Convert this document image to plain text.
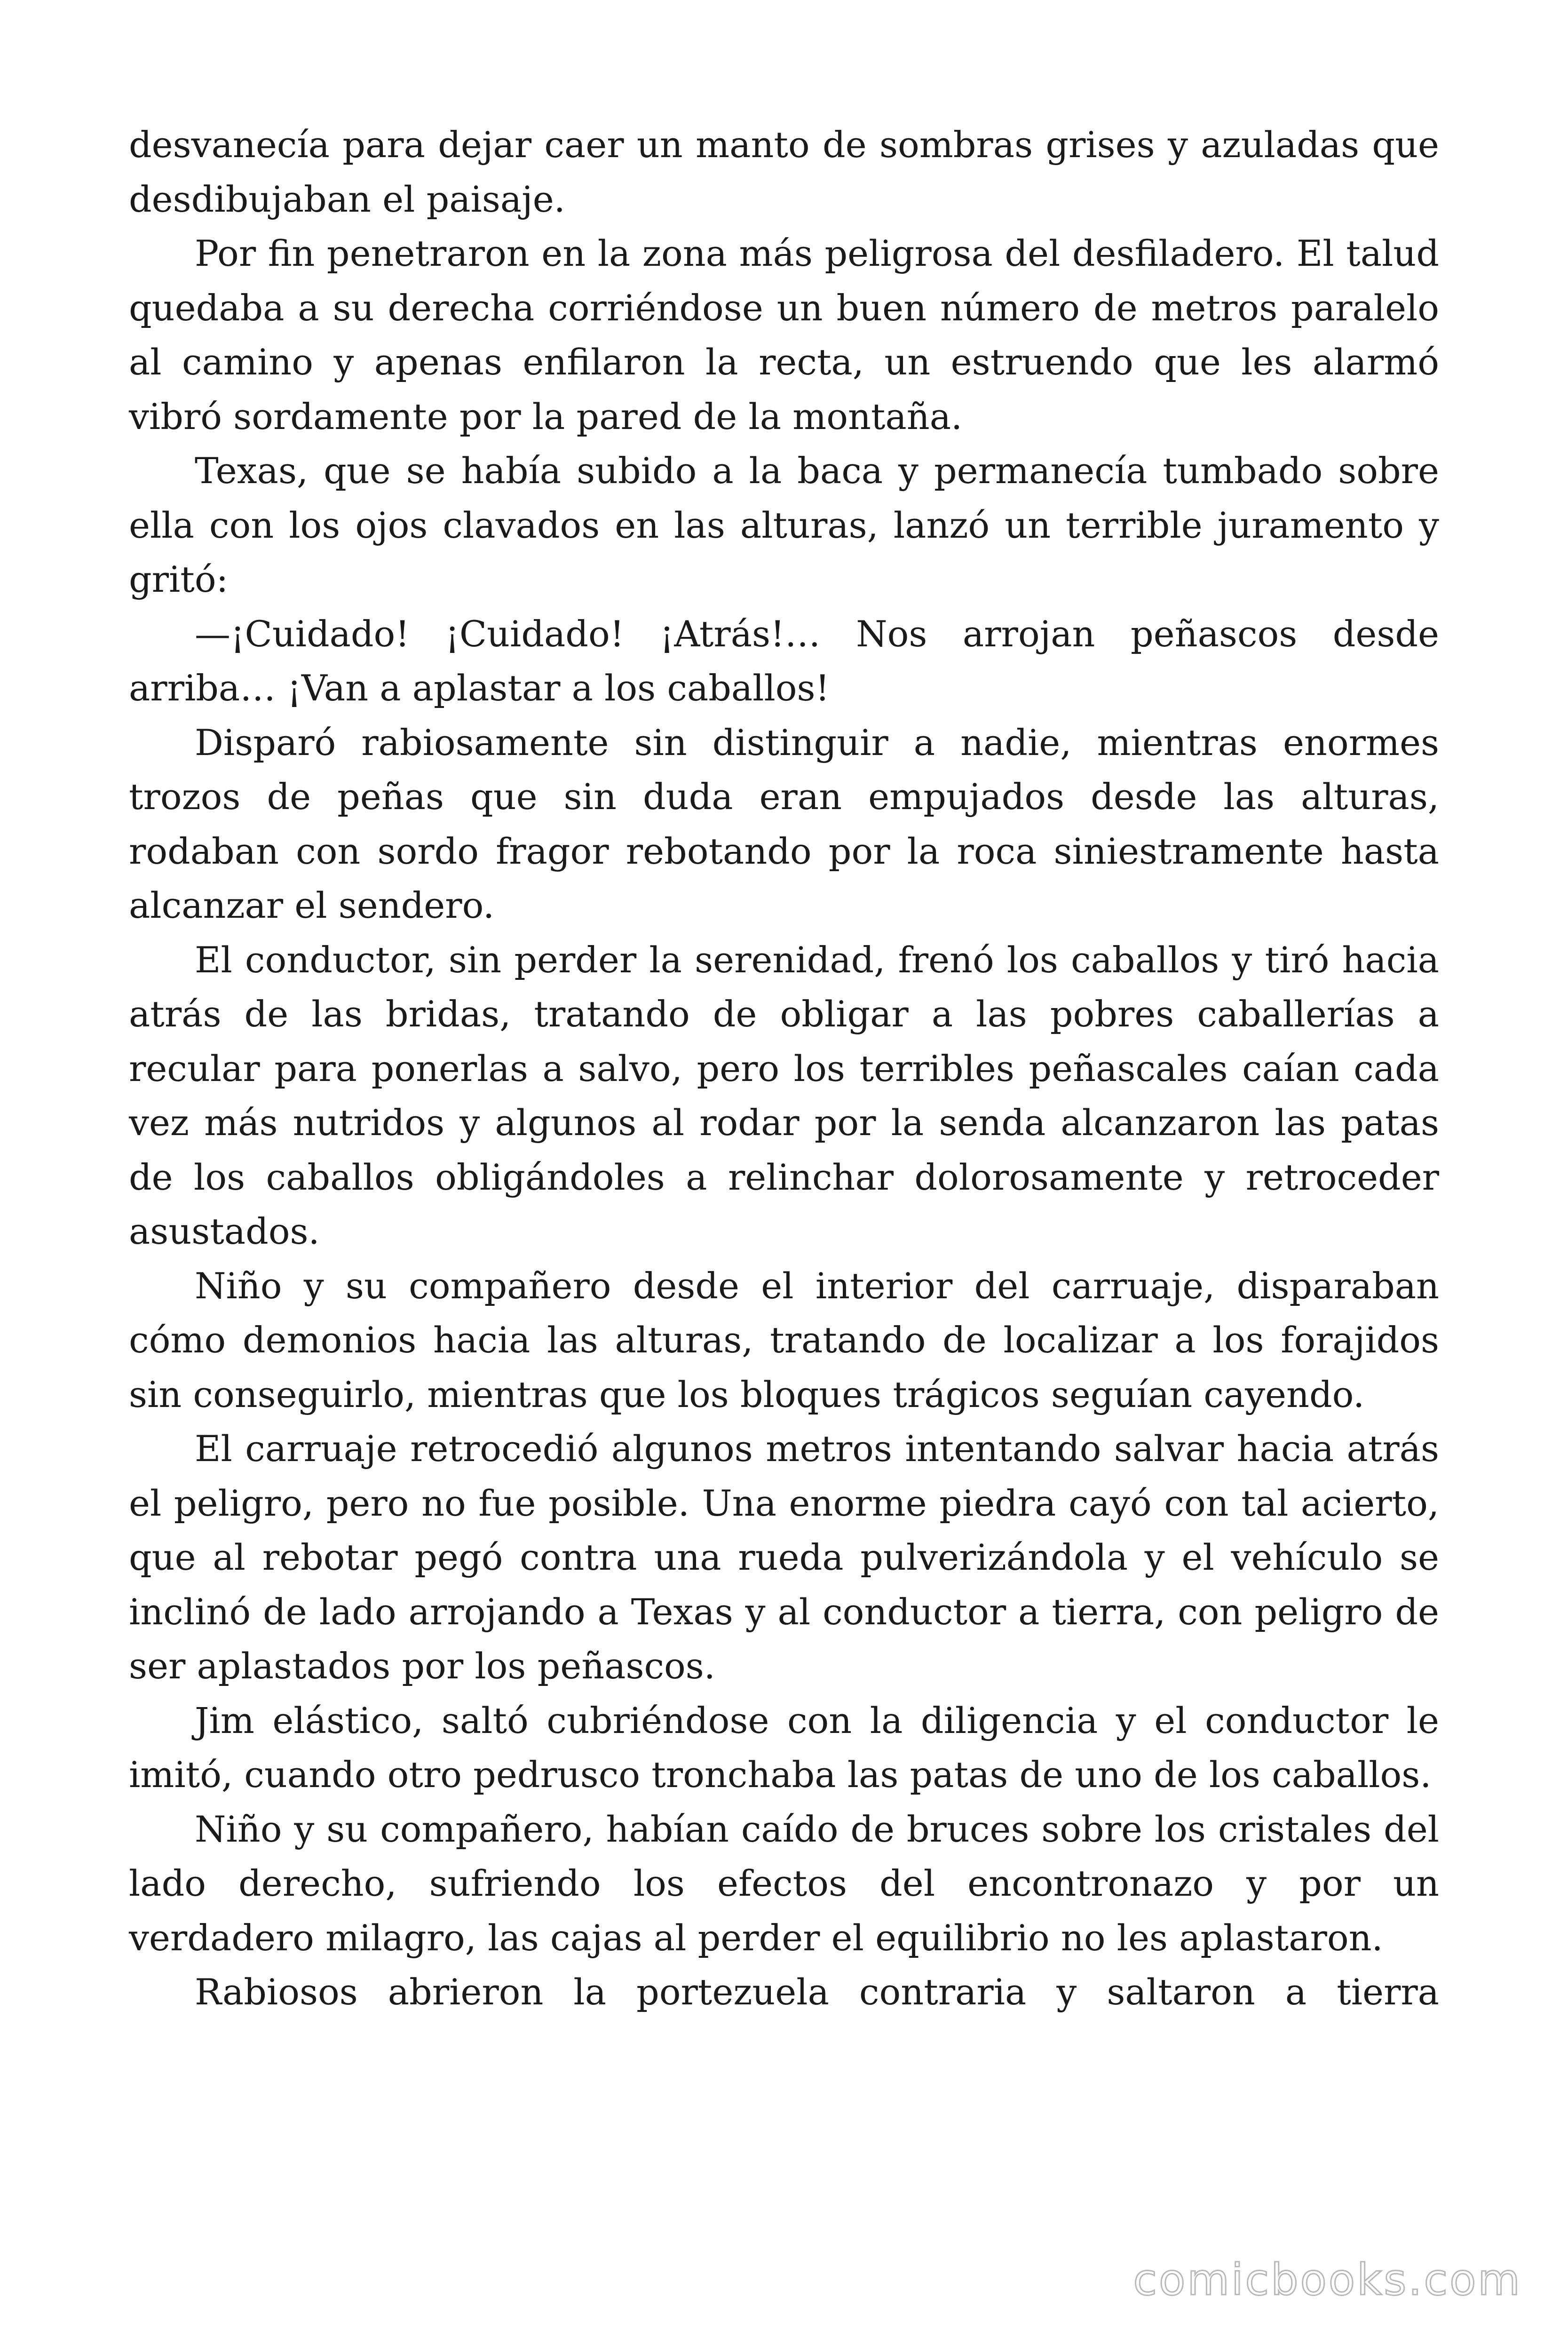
desvanecía para dejar caer un manto de sombras grises y azuladas que desdibujaban el paisaje.

Por fin penetraron en la zona más peligrosa del desfiladero. El talud quedaba a su derecha corriéndose un buen número de metros paralelo al camino y apenas enfilaron la recta, un estruendo que les alarmó vibró sordamente por la pared de la montaña.

Texas, que se había subido a la baca y permanecía tumbado sobre ella con los ojos clavados en las alturas, lanzó un terrible juramento y gritó:

—¡Cuidado! ¡Cuidado! ¡Atrás!… Nos arrojan peñascos desde arriba… ¡Van a aplastar a los caballos!

Disparó rabiosamente sin distinguir a nadie, mientras enormes trozos de peñas que sin duda eran empujados desde las alturas, rodaban con sordo fragor rebotando por la roca siniestramente hasta alcanzar el sendero.

El conductor, sin perder la serenidad, frenó los caballos y tiró hacia atrás de las bridas, tratando de obligar a las pobres caballerías a recular para ponerlas a salvo, pero los terribles peñascales caían cada vez más nutridos y algunos al rodar por la senda alcanzaron las patas de los caballos obligándoles a relinchar dolorosamente y retroceder asustados.

Niño y su compañero desde el interior del carruaje, disparaban cómo demonios hacia las alturas, tratando de localizar a los forajidos sin conseguirlo, mientras que los bloques trágicos seguían cayendo.

El carruaje retrocedió algunos metros intentando salvar hacia atrás el peligro, pero no fue posible. Una enorme piedra cayó con tal acierto, que al rebotar pegó contra una rueda pulverizándola y el vehículo se inclinó de lado arrojando a Texas y al conductor a tierra, con peligro de ser aplastados por los peñascos.

Jim elástico, saltó cubriéndose con la diligencia y el conductor le imitó, cuando otro pedrusco tronchaba las patas de uno de los caballos.

Niño y su compañero, habían caído de bruces sobre los cristales del lado derecho, sufriendo los efectos del encontronazo y por un verdadero milagro, las cajas al perder el equilibrio no les aplastaron.

Rabiosos abrieron la portezuela contraria y saltaron a tierra

comicbooks.com
